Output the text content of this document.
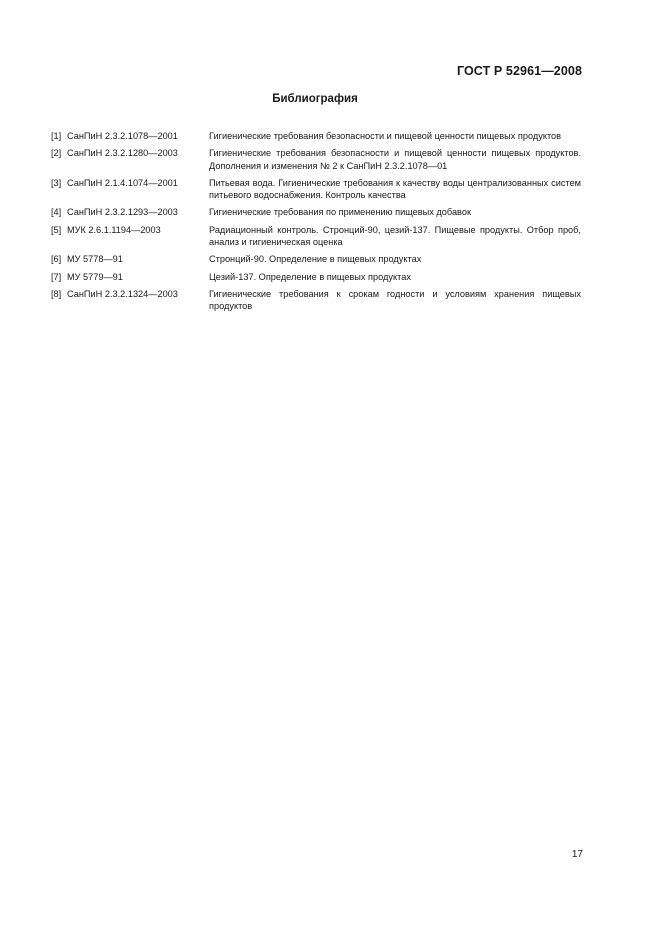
ГОСТ Р 52961—2008
Библиография
[1] СанПиН 2.3.2.1078—2001	Гигиенические требования безопасности и пищевой ценности пищевых продуктов
[2] СанПиН 2.3.2.1280—2003	Гигиенические требования безопасности и пищевой ценности пищевых продуктов. Дополнения и изменения № 2 к СанПиН 2.3.2.1078—01
[3] СанПиН 2.1.4.1074—2001	Питьевая вода. Гигиенические требования к качеству воды централизованных систем питьевого водоснабжения. Контроль качества
[4] СанПиН 2.3.2.1293—2003	Гигиенические требования по применению пищевых добавок
[5] МУК 2.6.1.1194—2003	Радиационный контроль. Стронций-90, цезий-137. Пищевые продукты. Отбор проб, анализ и гигиеническая оценка
[6] МУ 5778—91	Стронций-90. Определение в пищевых продуктах
[7] МУ 5779—91	Цезий-137. Определение в пищевых продуктах
[8] СанПиН 2.3.2.1324—2003	Гигиенические требования к срокам годности и условиям хранения пищевых продуктов
17
